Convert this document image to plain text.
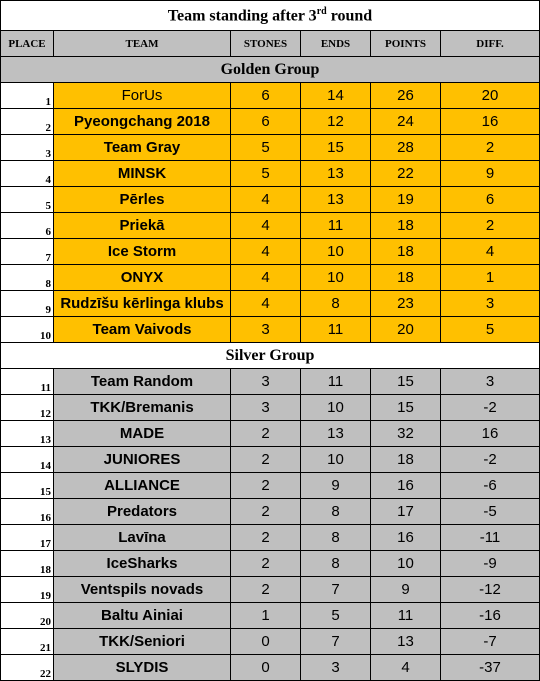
Team standing after 3rd round					
PLACE	TEAM	STONES	ENDS	POINTS	DIFF.
Golden Group					
1	ForUs	6	14	26	20
2	Pyeongchang 2018	6	12	24	16
3	Team Gray	5	15	28	2
4	MINSK	5	13	22	9
5	Pērles	4	13	19	6
6	Priekā	4	11	18	2
7	Ice Storm	4	10	18	4
8	ONYX	4	10	18	1
9	Rudzīšu kērlinga klubs	4	8	23	3
10	Team Vaivods	3	11	20	5
Silver Group					
11	Team Random	3	11	15	3
12	TKK/Bremanis	3	10	15	-2
13	MADE	2	13	32	16
14	JUNIORES	2	10	18	-2
15	ALLIANCE	2	9	16	-6
16	Predators	2	8	17	-5
17	Lavīna	2	8	16	-11
18	IceSharks	2	8	10	-9
19	Ventspils novads	2	7	9	-12
20	Baltu Ainiai	1	5	11	-16
21	TKK/Seniori	0	7	13	-7
22	SLYDIS	0	3	4	-37
